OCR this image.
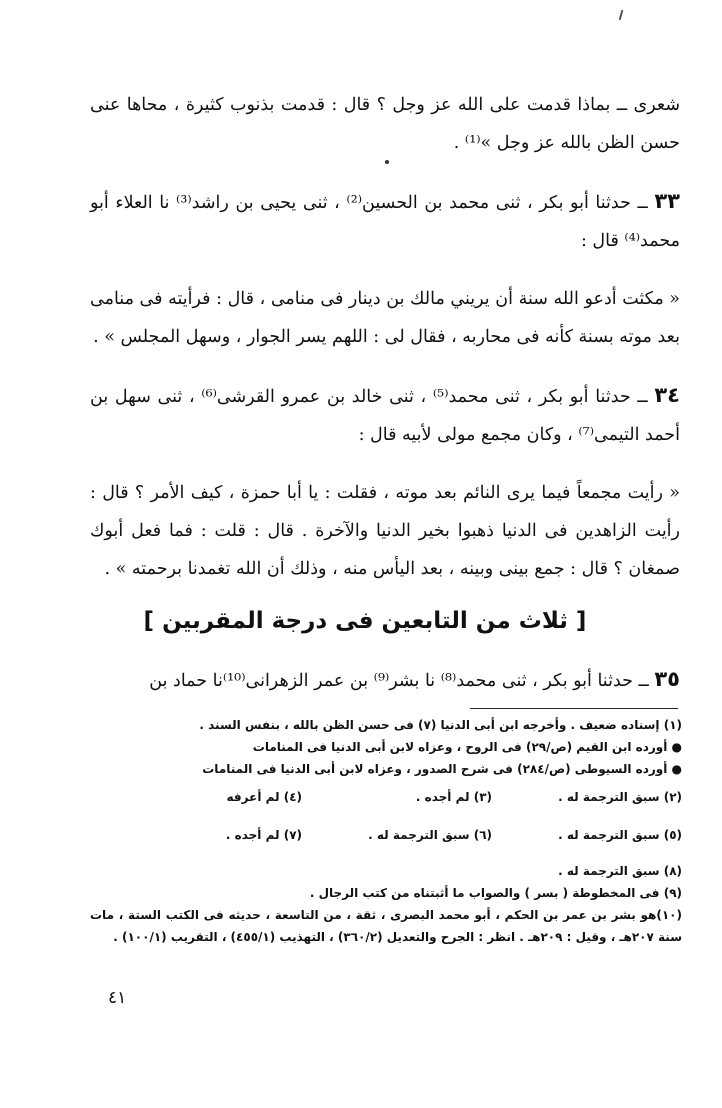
شعرى ــ بماذا قدمت على الله عز وجل ؟ قال : قدمت بذنوب كثيرة ، محاها عنى حسن الظن بالله عز وجل »⁽¹⁾ .

٣٣ ــ حدثنا أبو بكر ، ثنى محمد بن الحسين⁽²⁾ ، ثنى يحيى بن راشد⁽³⁾ نا العلاء أبو محمد⁽⁴⁾ قال :

« مكثت أدعو الله سنة أن يريني مالك بن دينار فى منامى ، قال : فرأيته فى منامى بعد موته بسنة كأنه فى محاربه ، فقال لى : اللهم يسر الجوار ، وسهل المجلس » .

٣٤ ــ حدثنا أبو بكر ، ثنى محمد⁽⁵⁾ ، ثنى خالد بن عمرو القرشى⁽⁶⁾ ، ثنى سهل بن أحمد التيمى⁽⁷⁾ ، وكان مجمع مولى لأبيه قال :

« رأيت مجمعاً فيما يرى النائم بعد موته ، فقلت : يا أبا حمزة ، كيف الأمر ؟ قال : رأيت الزاهدين فى الدنيا ذهبوا بخير الدنيا والآخرة . قال : قلت : فما فعل أبوك صمغان ؟ قال : جمع بينى وبينه ، بعد اليأس منه ، وذلك أن الله تغمدنا برحمته » .

[ ثلاث من التابعين فى درجة المقربين ]
٣٥ ــ حدثنا أبو بكر ، ثنى محمد⁽⁸⁾ نا بشر⁽⁹⁾ بن عمر الزهرانى⁽¹⁰⁾نا حماد بن

(١) إسناده ضعيف . وأخرجه ابن أبى الدنيا (٧) فى حسن الظن بالله ، بنفس السند .

● أورده ابن القيم (ص/٢٩) فى الروح ، وعزاه لابن أبى الدنيا فى المنامات

● أورده السيوطى (ص/٢٨٤) فى شرح الصدور ، وعزاه لابن أبى الدنيا فى المنامات

(٢) سبق الترجمة له .
(٣) لم أجده .
(٤) لم أعرفه
(٥) سبق الترجمة له .
(٦) سبق الترجمة له .
(٧) لم أجده .

(٨) سبق الترجمة له .

(٩) فى المخطوطة ( بسر ) والصواب ما أثبتناه من كتب الرجال .

(١٠)هو بشر بن عمر بن الحكم ، أبو محمد البصرى ، ثقة ، من التاسعة ، حديثه فى الكتب الستة ، مات سنة ٢٠٧هـ ، وقيل : ٢٠٩هـ . انظر : الجرح والتعديل (٣٦٠/٢) ، التهذيب (٤٥٥/١) ، التقريب (١٠٠/١) .

٤١
